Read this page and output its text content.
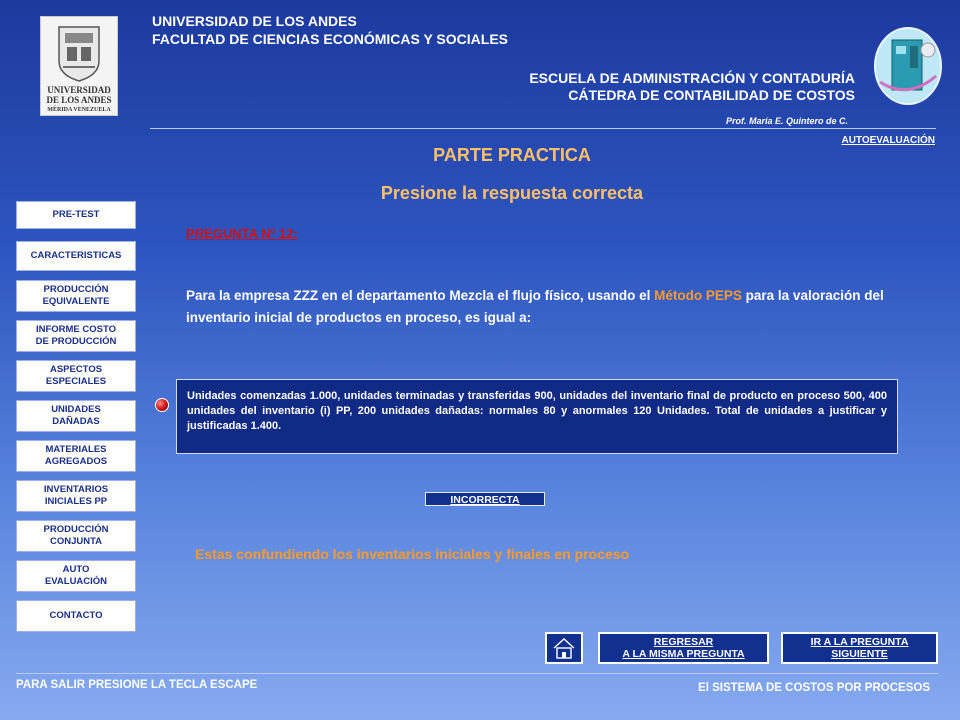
UNIVERSIDAD
DE LOS ANDES
MÉRIDA VENEZUELA
UNIVERSIDAD DE LOS ANDES
FACULTAD DE CIENCIAS ECONÓMICAS Y SOCIALES
ESCUELA DE ADMINISTRACIÓN Y CONTADURÍA
CÁTEDRA DE CONTABILIDAD DE COSTOS
Prof. María E. Quintero de C.
AUTOEVALUACIÓN
PARTE PRACTICA
Presione la respuesta correcta
PRE-TEST
CARACTERISTICAS
PRODUCCIÓN
EQUIVALENTE
INFORME COSTO
DE PRODUCCIÓN
ASPECTOS
ESPECIALES
UNIDADES
DAÑADAS
MATERIALES
AGREGADOS
INVENTARIOS
INICIALES PP
PRODUCCIÓN
CONJUNTA
AUTO
EVALUACIÓN
CONTACTO
PREGUNTA Nº 12:
Para la empresa ZZZ en el departamento Mezcla el flujo físico, usando el Método PEPS para la valoración del inventario inicial de productos en proceso, es igual a:
Unidades comenzadas 1.000, unidades terminadas y transferidas 900, unidades del inventario final de producto en proceso 500, 400 unidades del inventario (i) PP, 200 unidades dañadas: normales 80 y anormales 120 Unidades. Total de unidades a justificar y justificadas 1.400.
INCORRECTA
Estas confundiendo los inventarios iniciales y finales en proceso
REGRESAR
A LA MISMA PREGUNTA
IR A LA PREGUNTA
SIGUIENTE
PARA SALIR PRESIONE LA TECLA ESCAPE	El SISTEMA DE COSTOS POR PROCESOS
